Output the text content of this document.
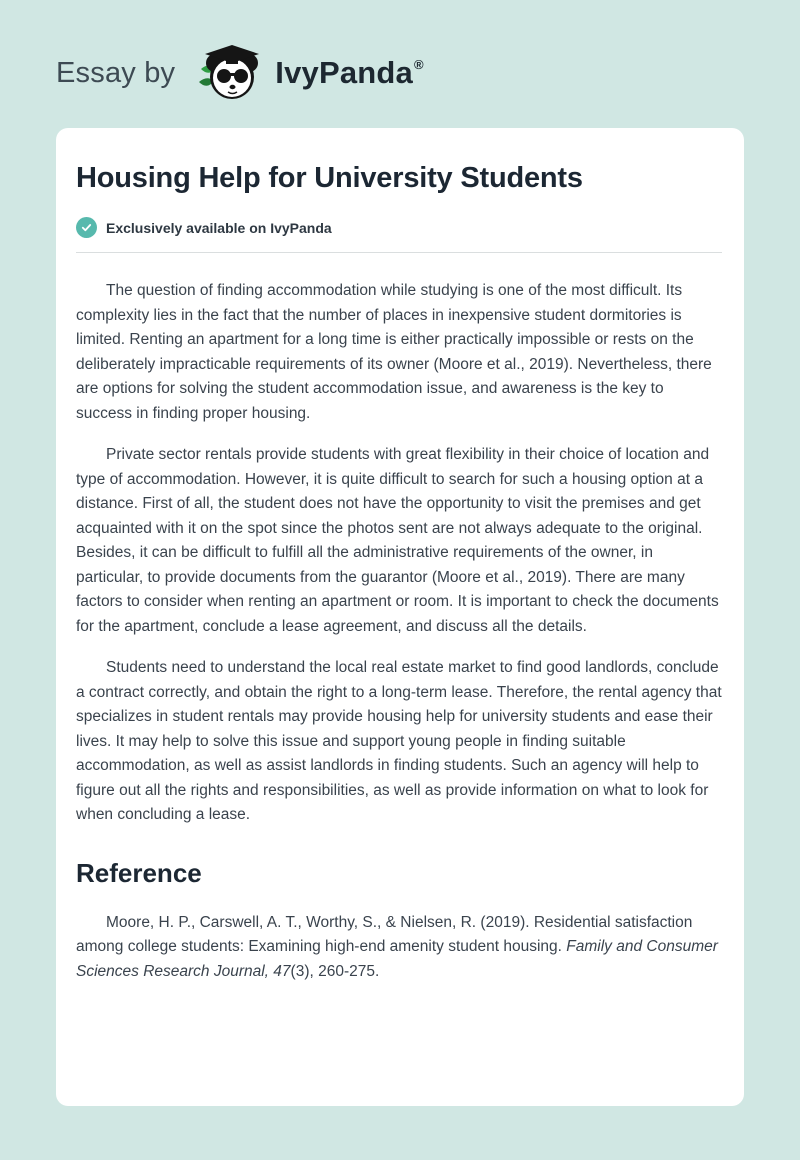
Essay by	IvyPanda®
Housing Help for University Students
Exclusively available on IvyPanda

The question of finding accommodation while studying is one of the most difficult. Its complexity lies in the fact that the number of places in inexpensive student dormitories is limited. Renting an apartment for a long time is either practically impossible or rests on the deliberately impracticable requirements of its owner (Moore et al., 2019). Nevertheless, there are options for solving the student accommodation issue, and awareness is the key to success in finding proper housing.

Private sector rentals provide students with great flexibility in their choice of location and type of accommodation. However, it is quite difficult to search for such a housing option at a distance. First of all, the student does not have the opportunity to visit the premises and get acquainted with it on the spot since the photos sent are not always adequate to the original. Besides, it can be difficult to fulfill all the administrative requirements of the owner, in particular, to provide documents from the guarantor (Moore et al., 2019). There are many factors to consider when renting an apartment or room. It is important to check the documents for the apartment, conclude a lease agreement, and discuss all the details.

Students need to understand the local real estate market to find good landlords, conclude a contract correctly, and obtain the right to a long-term lease. Therefore, the rental agency that specializes in student rentals may provide housing help for university students and ease their lives. It may help to solve this issue and support young people in finding suitable accommodation, as well as assist landlords in finding students. Such an agency will help to figure out all the rights and responsibilities, as well as provide information on what to look for when concluding a lease.

Reference

Moore, H. P., Carswell, A. T., Worthy, S., & Nielsen, R. (2019). Residential satisfaction among college students: Examining high-end amenity student housing. Family and Consumer Sciences Research Journal, 47(3), 260-275.
